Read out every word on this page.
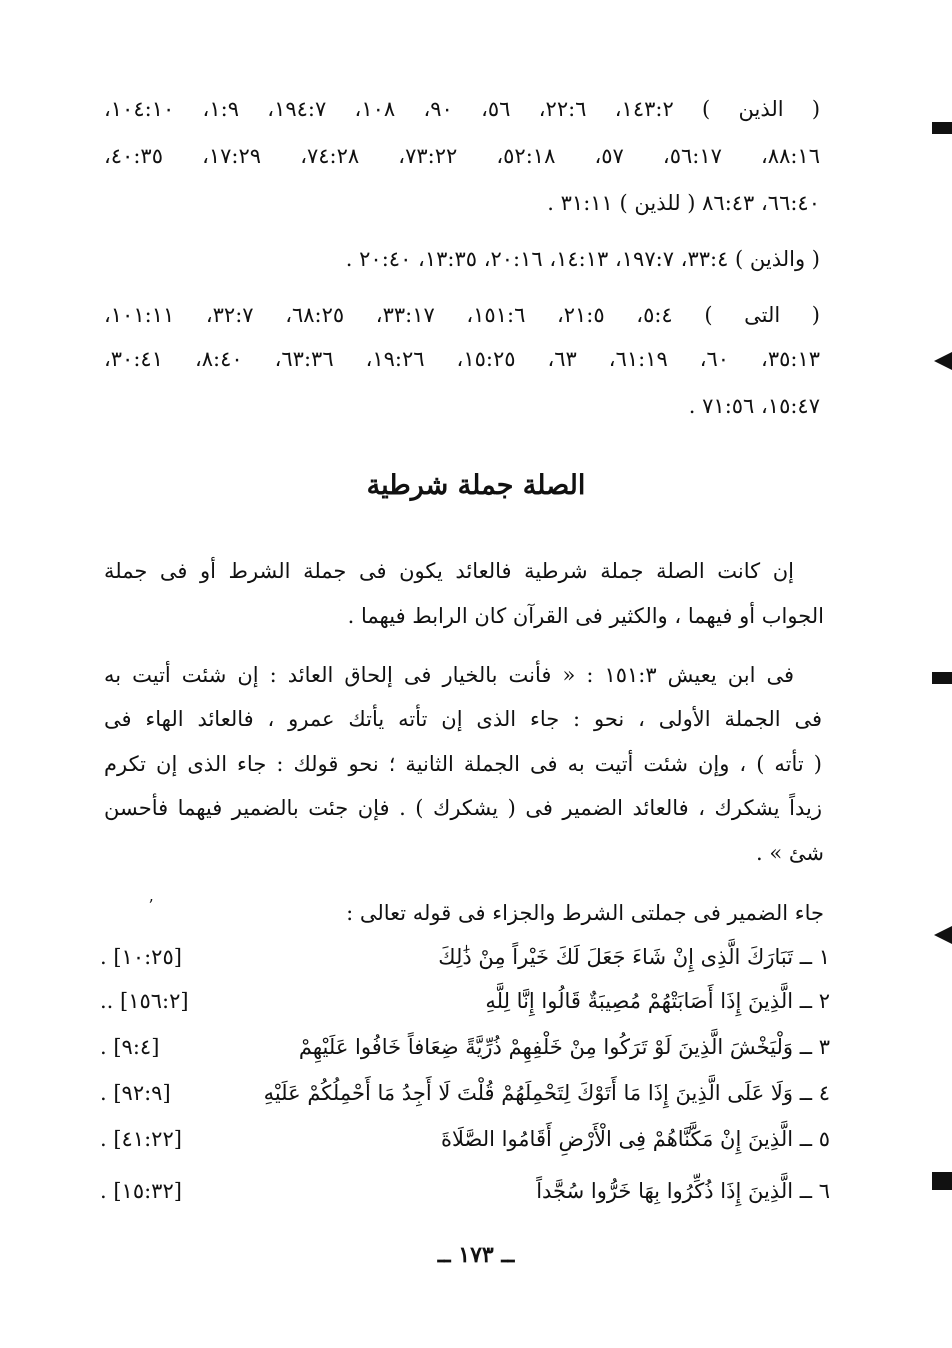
( الذين ) ١٤٣:٢، ٢٢:٦، ٥٦، ٩٠، ١٠٨، ١٩٤:٧، ١:٩، ١٠٤:١٠،
٨٨:١٦، ٥٦:١٧، ٥٧، ٥٢:١٨، ٧٣:٢٢، ٧٤:٢٨، ١٧:٢٩، ٤٠:٣٥،
٦٦:٤٠، ٨٦:٤٣ ( للذين ) ٣١:١١ .
( والذين ) ٣٣:٤، ١٩٧:٧، ١٤:١٣، ٢٠:١٦، ١٣:٣٥، ٢٠:٤٠ .
( التى ) ٥:٤، ٢١:٥، ١٥١:٦، ٣٣:١٧، ٦٨:٢٥، ٣٢:٧، ١٠١:١١،
٣٥:١٣، ٦٠، ٦١:١٩، ٦٣، ١٥:٢٥، ١٩:٢٦، ٦٣:٣٦، ٨:٤٠، ٣٠:٤١،
١٥:٤٧، ٧١:٥٦ .
الصلة جملة شرطية
إن كانت الصلة جملة شرطية فالعائد يكون فى جملة الشرط أو فى جملة
الجواب أو فيهما ، والكثير فى القرآن كان الرابط فيهما .
فى ابن يعيش ١٥١:٣ : « فأنت بالخيار فى إلحاق العائد : إن شئت أتيت به
فى الجملة الأولى ، نحو : جاء الذى إن تأته يأتك عمرو ، فالعائد الهاء فى
( تأته ) ، وإن شئت أتيت به فى الجملة الثانية ؛ نحو قولك : جاء الذى إن تكرم
زيداً يشكرك ، فالعائد الضمير فى ( يشكرك ) . فإن جئت بالضمير فيهما فأحسن
شئ » .
ʼ	جاء الضمير فى جملتى الشرط والجزاء فى قوله تعالى :
١ ــ تَبَارَكَ الَّذِى إِنْ شَاءَ جَعَلَ لَكَ خَيْراً مِنْ ذَٰلِكَ
[١٠:٢٥] .
٢ ــ الَّذِينَ إِذَا أَصَابَتْهُمْ مُصِيبَةٌ قَالُوا إِنَّا لِلَّهِ
[١٥٦:٢] ..
٣ ــ وَلْيَخْشَ الَّذِينَ لَوْ تَرَكُوا مِنْ خَلْفِهِمْ ذُرِّيَّةً ضِعَافاً خَافُوا عَلَيْهِمْ
[٩:٤] .
٤ ــ وَلَا عَلَى الَّذِينَ إِذَا مَا أَتَوْكَ لِتَحْمِلَهُمْ قُلْتَ لَا أَجِدُ مَا أَحْمِلُكُمْ عَلَيْهِ
[٩٢:٩] .
٥ ــ الَّذِينَ إِنْ مَكَّنَّاهُمْ فِى الْأَرْضِ أَقَامُوا الصَّلَاةَ
[٤١:٢٢] .
٦ ــ الَّذِينَ إِذَا ذُكِّرُوا بِهَا خَرُّوا سُجَّداً
[١٥:٣٢] .
ــ ١٧٣ ــ
